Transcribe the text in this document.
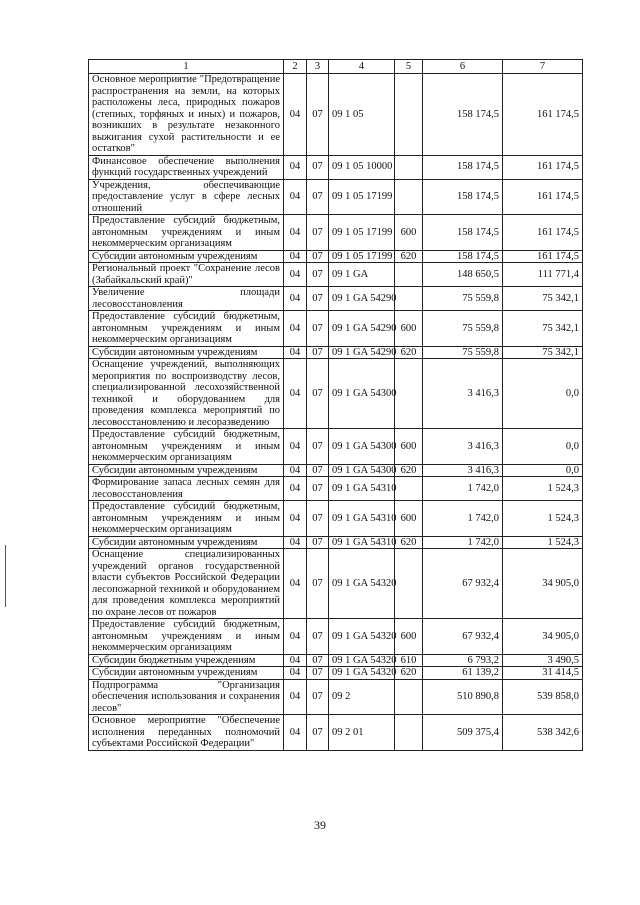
1	2	3	4	5	6	7
Основное мероприятие "Предотвращение распространения на земли, на которых расположены леса, природных пожаров (степных, торфяных и иных) и пожаров, возникших в результате незаконного выжигания сухой растительности и ее остатков"	04	07	09 1 05		158 174,5	161 174,5
Финансовое обеспечение выполнения функций государственных учреждений	04	07	09 1 05 10000		158 174,5	161 174,5
Учреждения, обеспечивающие предоставление услуг в сфере лесных отношений	04	07	09 1 05 17199		158 174,5	161 174,5
Предоставление субсидий бюджетным, автономным учреждениям и иным некоммерческим организациям	04	07	09 1 05 17199	600	158 174,5	161 174,5
Субсидии автономным учреждениям	04	07	09 1 05 17199	620	158 174,5	161 174,5
Региональный проект "Сохранение лесов (Забайкальский край)"	04	07	09 1 GA		148 650,5	111 771,4
Увеличение площади лесовосстановления	04	07	09 1 GA 54290		75 559,8	75 342,1
Предоставление субсидий бюджетным, автономным учреждениям и иным некоммерческим организациям	04	07	09 1 GA 54290	600	75 559,8	75 342,1
Субсидии автономным учреждениям	04	07	09 1 GA 54290	620	75 559,8	75 342,1
Оснащение учреждений, выполняющих мероприятия по воспроизводству лесов, специализированной лесохозяйственной техникой и оборудованием для проведения комплекса мероприятий по лесовосстановлению и лесоразведению	04	07	09 1 GA 54300		3 416,3	0,0
Предоставление субсидий бюджетным, автономным учреждениям и иным некоммерческим организациям	04	07	09 1 GA 54300	600	3 416,3	0,0
Субсидии автономным учреждениям	04	07	09 1 GA 54300	620	3 416,3	0,0
Формирование запаса лесных семян для лесовосстановления	04	07	09 1 GA 54310		1 742,0	1 524,3
Предоставление субсидий бюджетным, автономным учреждениям и иным некоммерческим организациям	04	07	09 1 GA 54310	600	1 742,0	1 524,3
Субсидии автономным учреждениям	04	07	09 1 GA 54310	620	1 742,0	1 524,3
Оснащение специализированных учреждений органов государственной власти субъектов Российской Федерации лесопожарной техникой и оборудованием для проведения комплекса мероприятий по охране лесов от пожаров	04	07	09 1 GA 54320		67 932,4	34 905,0
Предоставление субсидий бюджетным, автономным учреждениям и иным некоммерческим организациям	04	07	09 1 GA 54320	600	67 932,4	34 905,0
Субсидии бюджетным учреждениям	04	07	09 1 GA 54320	610	6 793,2	3 490,5
Субсидии автономным учреждениям	04	07	09 1 GA 54320	620	61 139,2	31 414,5
Подпрограмма "Организация обеспечения использования и сохранения лесов"	04	07	09 2		510 890,8	539 858,0
Основное мероприятие "Обеспечение исполнения переданных полномочий субъектами Российской Федерации"	04	07	09 2 01		509 375,4	538 342,6
39
